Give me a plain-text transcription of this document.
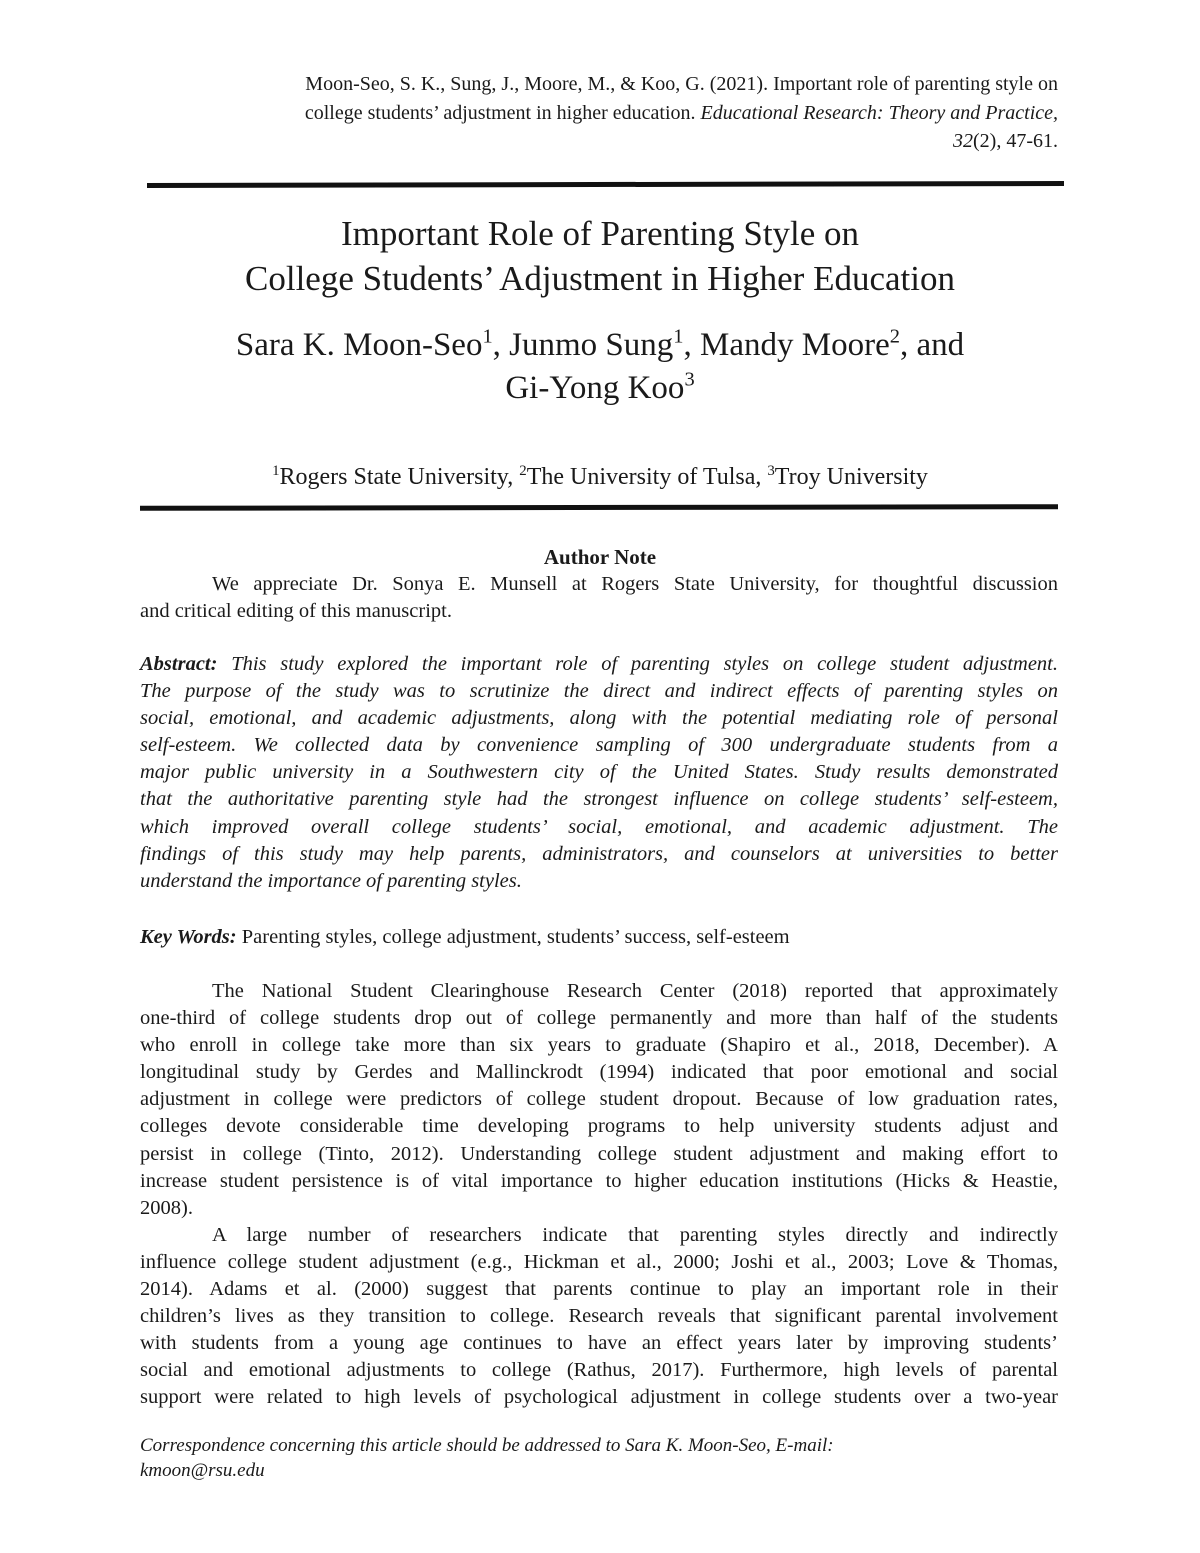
Moon-Seo, S. K., Sung, J., Moore, M., & Koo, G. (2021). Important role of parenting style on
college students’ adjustment in higher education. Educational Research: Theory and Practice,
32(2), 47-61.
Important Role of Parenting Style on
College Students’ Adjustment in Higher Education
Sara K. Moon-Seo$^1$, Junmo Sung$^1$, Mandy Moore$^2$, and
Gi-Yong Koo$^3$
$^1$Rogers State University, $^2$The University of Tulsa, $^3$Troy University
Author Note
We appreciate Dr. Sonya E. Munsell at Rogers State University, for thoughtful discussion
and critical editing of this manuscript.
Abstract: This study explored the important role of parenting styles on college student adjustment.
The purpose of the study was to scrutinize the direct and indirect effects of parenting styles on
social, emotional, and academic adjustments, along with the potential mediating role of personal
self-esteem. We collected data by convenience sampling of 300 undergraduate students from a
major public university in a Southwestern city of the United States. Study results demonstrated
that the authoritative parenting style had the strongest influence on college students’ self-esteem,
which improved overall college students’ social, emotional, and academic adjustment. The
findings of this study may help parents, administrators, and counselors at universities to better
understand the importance of parenting styles.
Key Words: Parenting styles, college adjustment, students’ success, self-esteem
The National Student Clearinghouse Research Center (2018) reported that approximately
one-third of college students drop out of college permanently and more than half of the students
who enroll in college take more than six years to graduate (Shapiro et al., 2018, December). A
longitudinal study by Gerdes and Mallinckrodt (1994) indicated that poor emotional and social
adjustment in college were predictors of college student dropout. Because of low graduation rates,
colleges devote considerable time developing programs to help university students adjust and
persist in college (Tinto, 2012). Understanding college student adjustment and making effort to
increase student persistence is of vital importance to higher education institutions (Hicks & Heastie,
2008).
A large number of researchers indicate that parenting styles directly and indirectly
influence college student adjustment (e.g., Hickman et al., 2000; Joshi et al., 2003; Love & Thomas,
2014). Adams et al. (2000) suggest that parents continue to play an important role in their
children’s lives as they transition to college. Research reveals that significant parental involvement
with students from a young age continues to have an effect years later by improving students’
social and emotional adjustments to college (Rathus, 2017). Furthermore, high levels of parental
support were related to high levels of psychological adjustment in college students over a two-year
Correspondence concerning this article should be addressed to Sara K. Moon-Seo, E-mail:
kmoon@rsu.edu
